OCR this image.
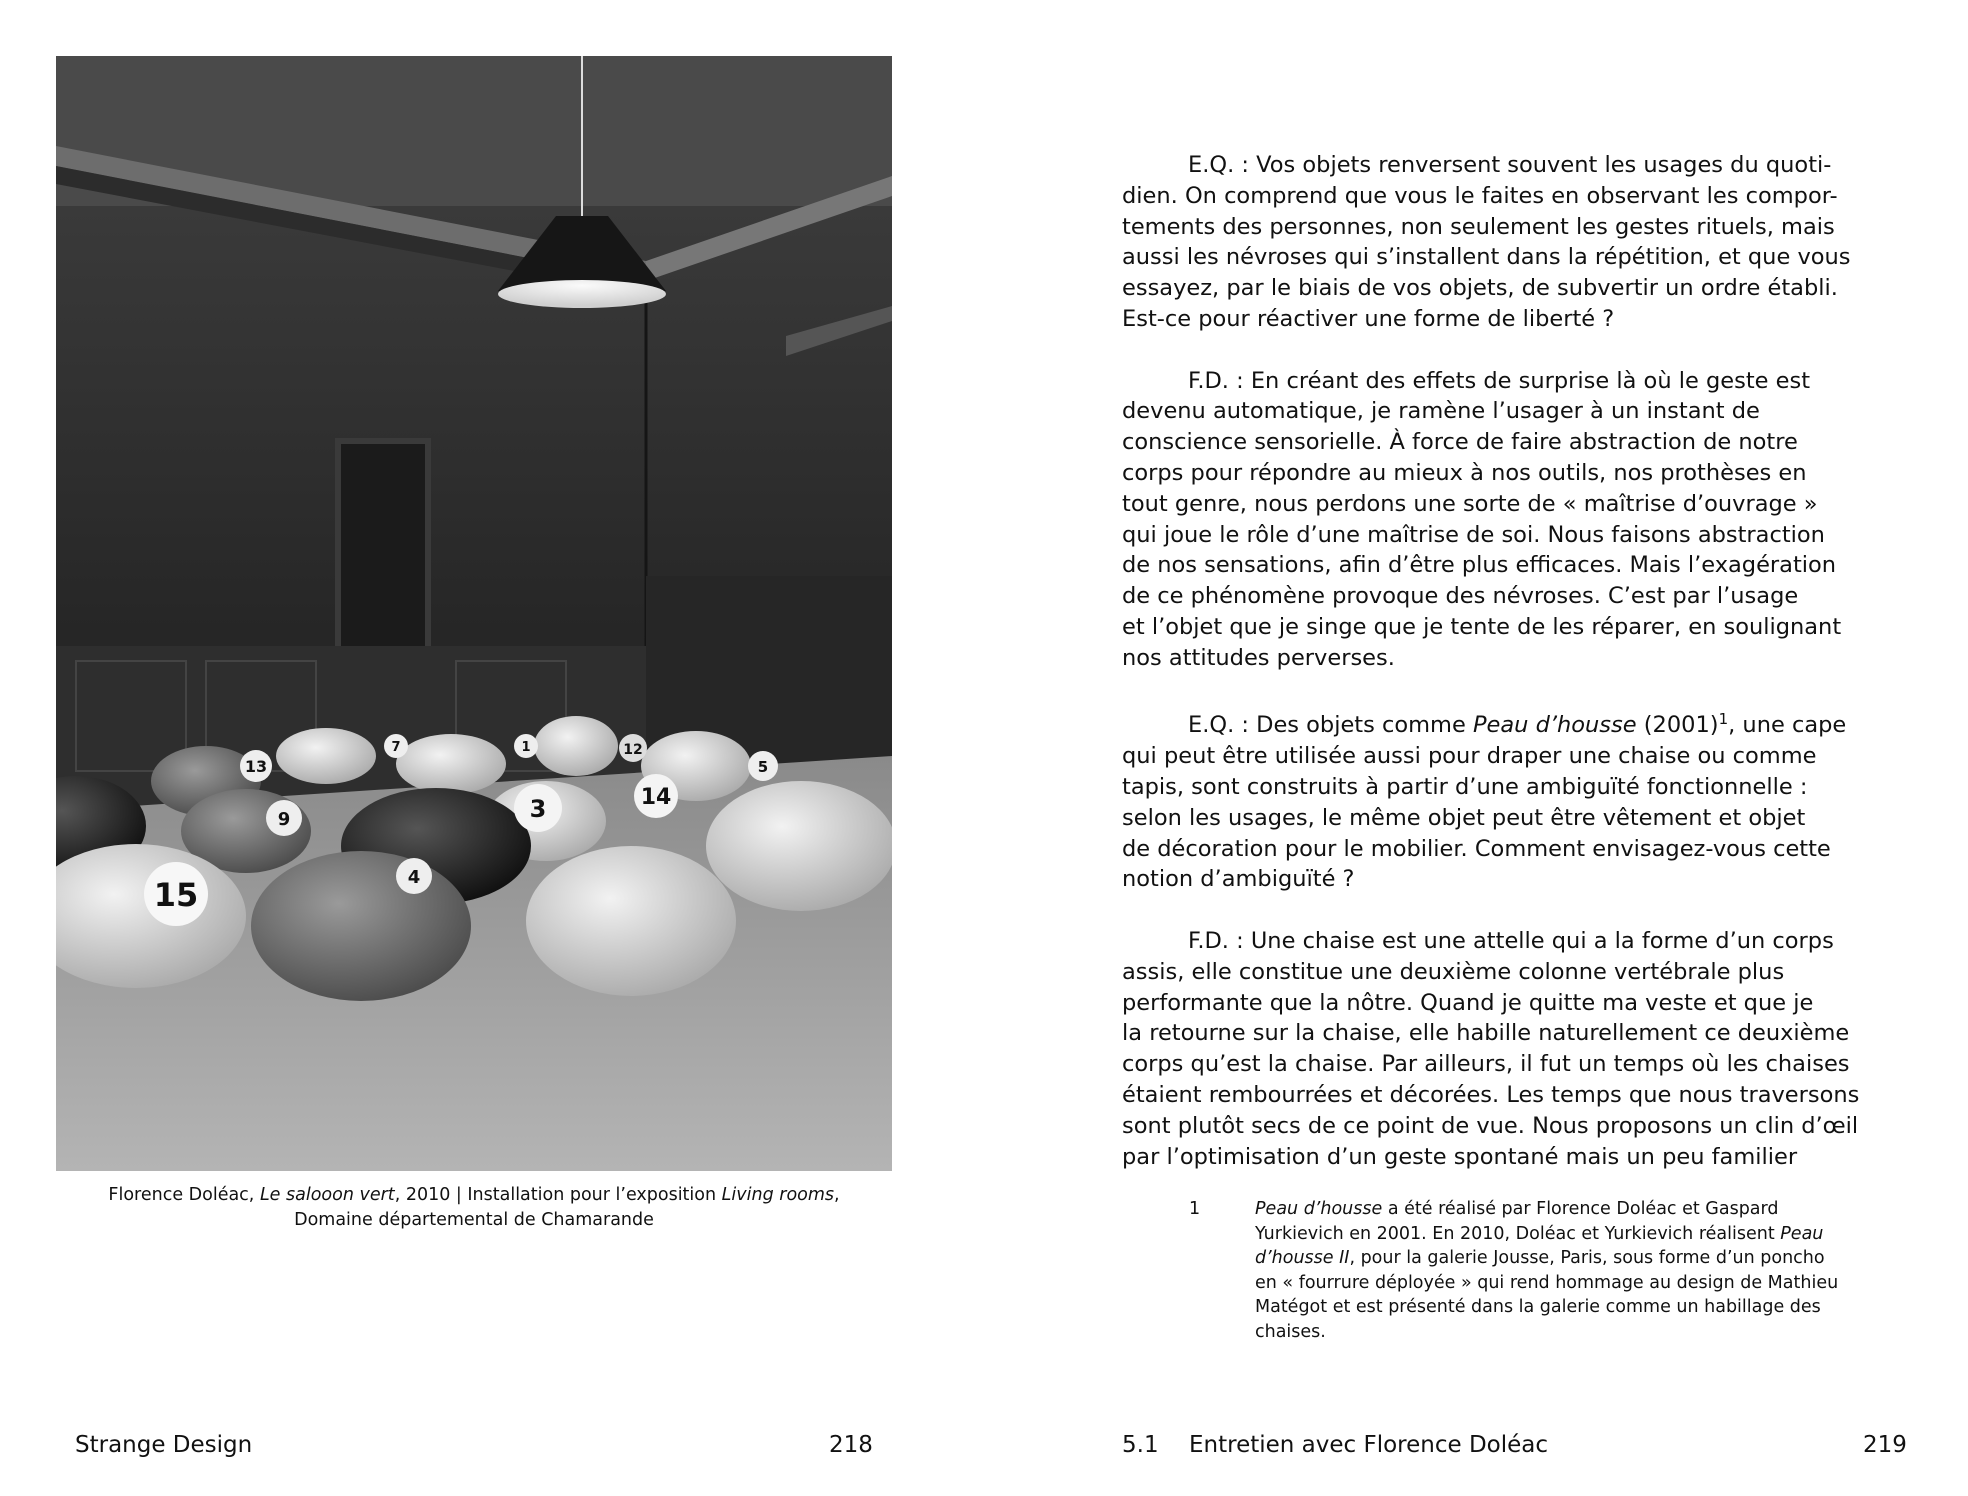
13
7	1	12
5
9	3	14
15	4
Florence Doléac, Le salooon vert, 2010 | Installation pour l’exposition Living rooms,
Domaine départemental de Chamarande
Strange Design	218

E.Q. : Vos objets renversent souvent les usages du quoti-
dien. On comprend que vous le faites en observant les compor-
tements des personnes, non seulement les gestes rituels, mais
aussi les névroses qui s’installent dans la répétition, et que vous
essayez, par le biais de vos objets, de subvertir un ordre établi.
Est-ce pour réactiver une forme de liberté ?

F.D. : En créant des effets de surprise là où le geste est
devenu automatique, je ramène l’usager à un instant de
conscience sensorielle. À force de faire abstraction de notre
corps pour répondre au mieux à nos outils, nos prothèses en
tout genre, nous perdons une sorte de « maîtrise d’ouvrage »
qui joue le rôle d’une maîtrise de soi. Nous faisons abstraction
de nos sensations, afin d’être plus efficaces. Mais l’exagération
de ce phénomène provoque des névroses. C’est par l’usage
et l’objet que je singe que je tente de les réparer, en soulignant
nos attitudes perverses.

E.Q. : Des objets comme Peau d’housse $(2001)^1$, une cape
qui peut être utilisée aussi pour draper une chaise ou comme
tapis, sont construits à partir d’une ambiguïté fonctionnelle :
selon les usages, le même objet peut être vêtement et objet
de décoration pour le mobilier. Comment envisagez-vous cette
notion d’ambiguïté ?

F.D. : Une chaise est une attelle qui a la forme d’un corps
assis, elle constitue une deuxième colonne vertébrale plus
performante que la nôtre. Quand je quitte ma veste et que je
la retourne sur la chaise, elle habille naturellement ce deuxième
corps qu’est la chaise. Par ailleurs, il fut un temps où les chaises
étaient rembourrées et décorées. Les temps que nous traversons
sont plutôt secs de ce point de vue. Nous proposons un clin d’œil
par l’optimisation d’un geste spontané mais un peu familier

1	Peau d’housse a été réalisé par Florence Doléac et Gaspard
Yurkievich en 2001. En 2010, Doléac et Yurkievich réalisent Peau
d’housse II, pour la galerie Jousse, Paris, sous forme d’un poncho
en « fourrure déployée » qui rend hommage au design de Mathieu
Matégot et est présenté dans la galerie comme un habillage des
chaises.
5.1 Entretien avec Florence Doléac	219
